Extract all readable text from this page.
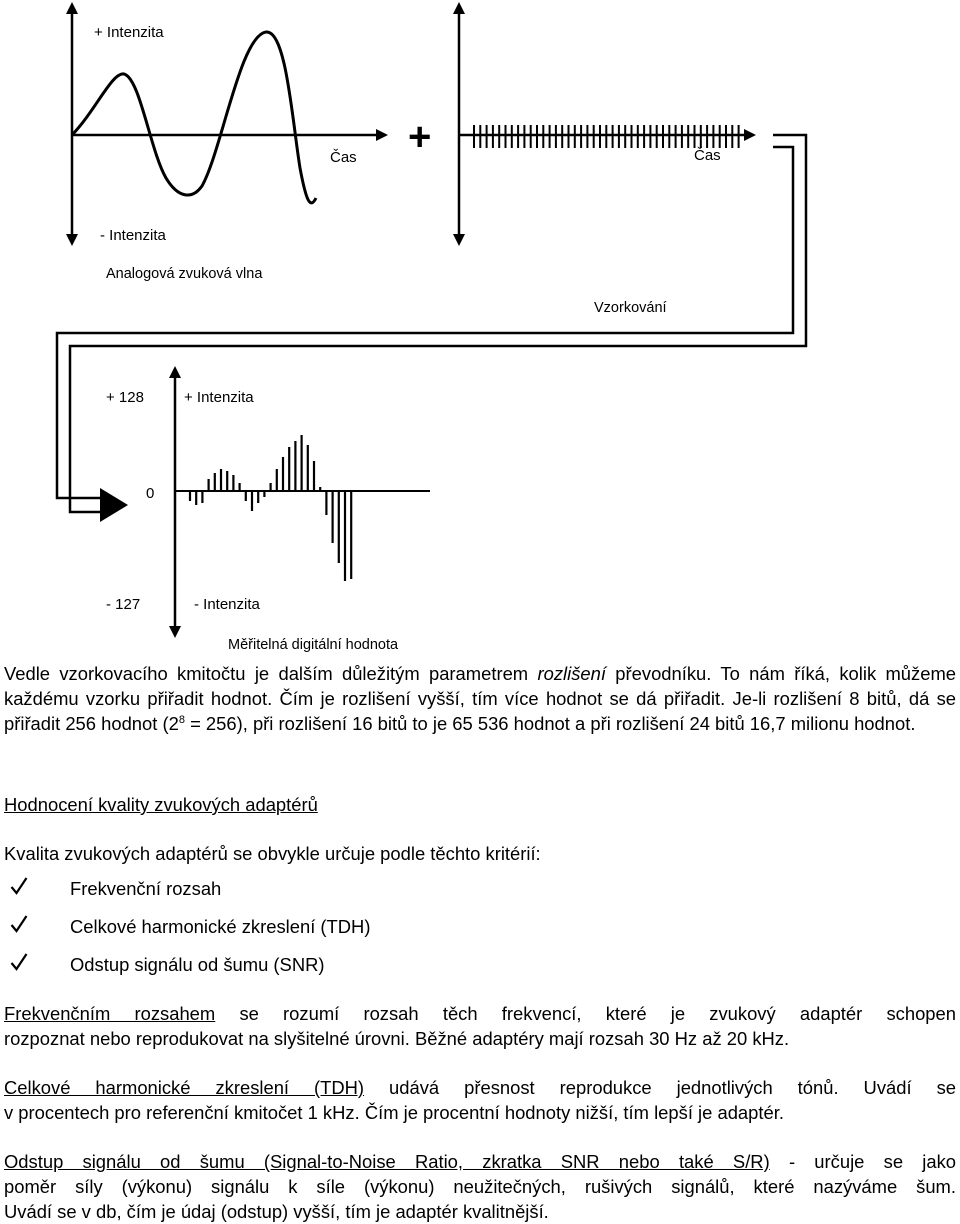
+ Intenzita
- Intenzita
Čas
Analogová zvuková vlna
+	Čas
Vzorkování
+ 128	+ Intenzita
0
- 127	- Intenzita
Měřitelná digitální hodnota
Vedle vzorkovacího kmitočtu je dalším důležitým parametrem rozlišení převodníku. To nám říká, kolik můžeme každému vzorku přiřadit hodnot. Čím je rozlišení vyšší, tím více hodnot se dá přiřadit. Je-li rozlišení 8 bitů, dá se přiřadit 256 hodnot $(2^8 = 256)$, při rozlišení 16 bitů to je 65 536 hodnot a při rozlišení 24 bitů 16,7 milionu hodnot.
Hodnocení kvality zvukových adaptérů
Kvalita zvukových adaptérů se obvykle určuje podle těchto kritérií:
Frekvenční rozsah
Celkové harmonické zkreslení (TDH)
Odstup signálu od šumu (SNR)
Frekvenčním rozsahem se rozumí rozsah těch frekvencí, které je zvukový adaptér schopen
rozpoznat nebo reprodukovat na slyšitelné úrovni. Běžné adaptéry mají rozsah 30 Hz až 20 kHz.
Celkové harmonické zkreslení (TDH) udává přesnost reprodukce jednotlivých tónů. Uvádí se
v procentech pro referenční kmitočet 1 kHz. Čím je procentní hodnoty nižší, tím lepší je adaptér.
Odstup signálu od šumu (Signal-to-Noise Ratio, zkratka SNR nebo také S/R) - určuje se jako
poměr síly (výkonu) signálu k síle (výkonu) neužitečných, rušivých signálů, které nazýváme šum.
Uvádí se v db, čím je údaj (odstup) vyšší, tím je adaptér kvalitnější.
